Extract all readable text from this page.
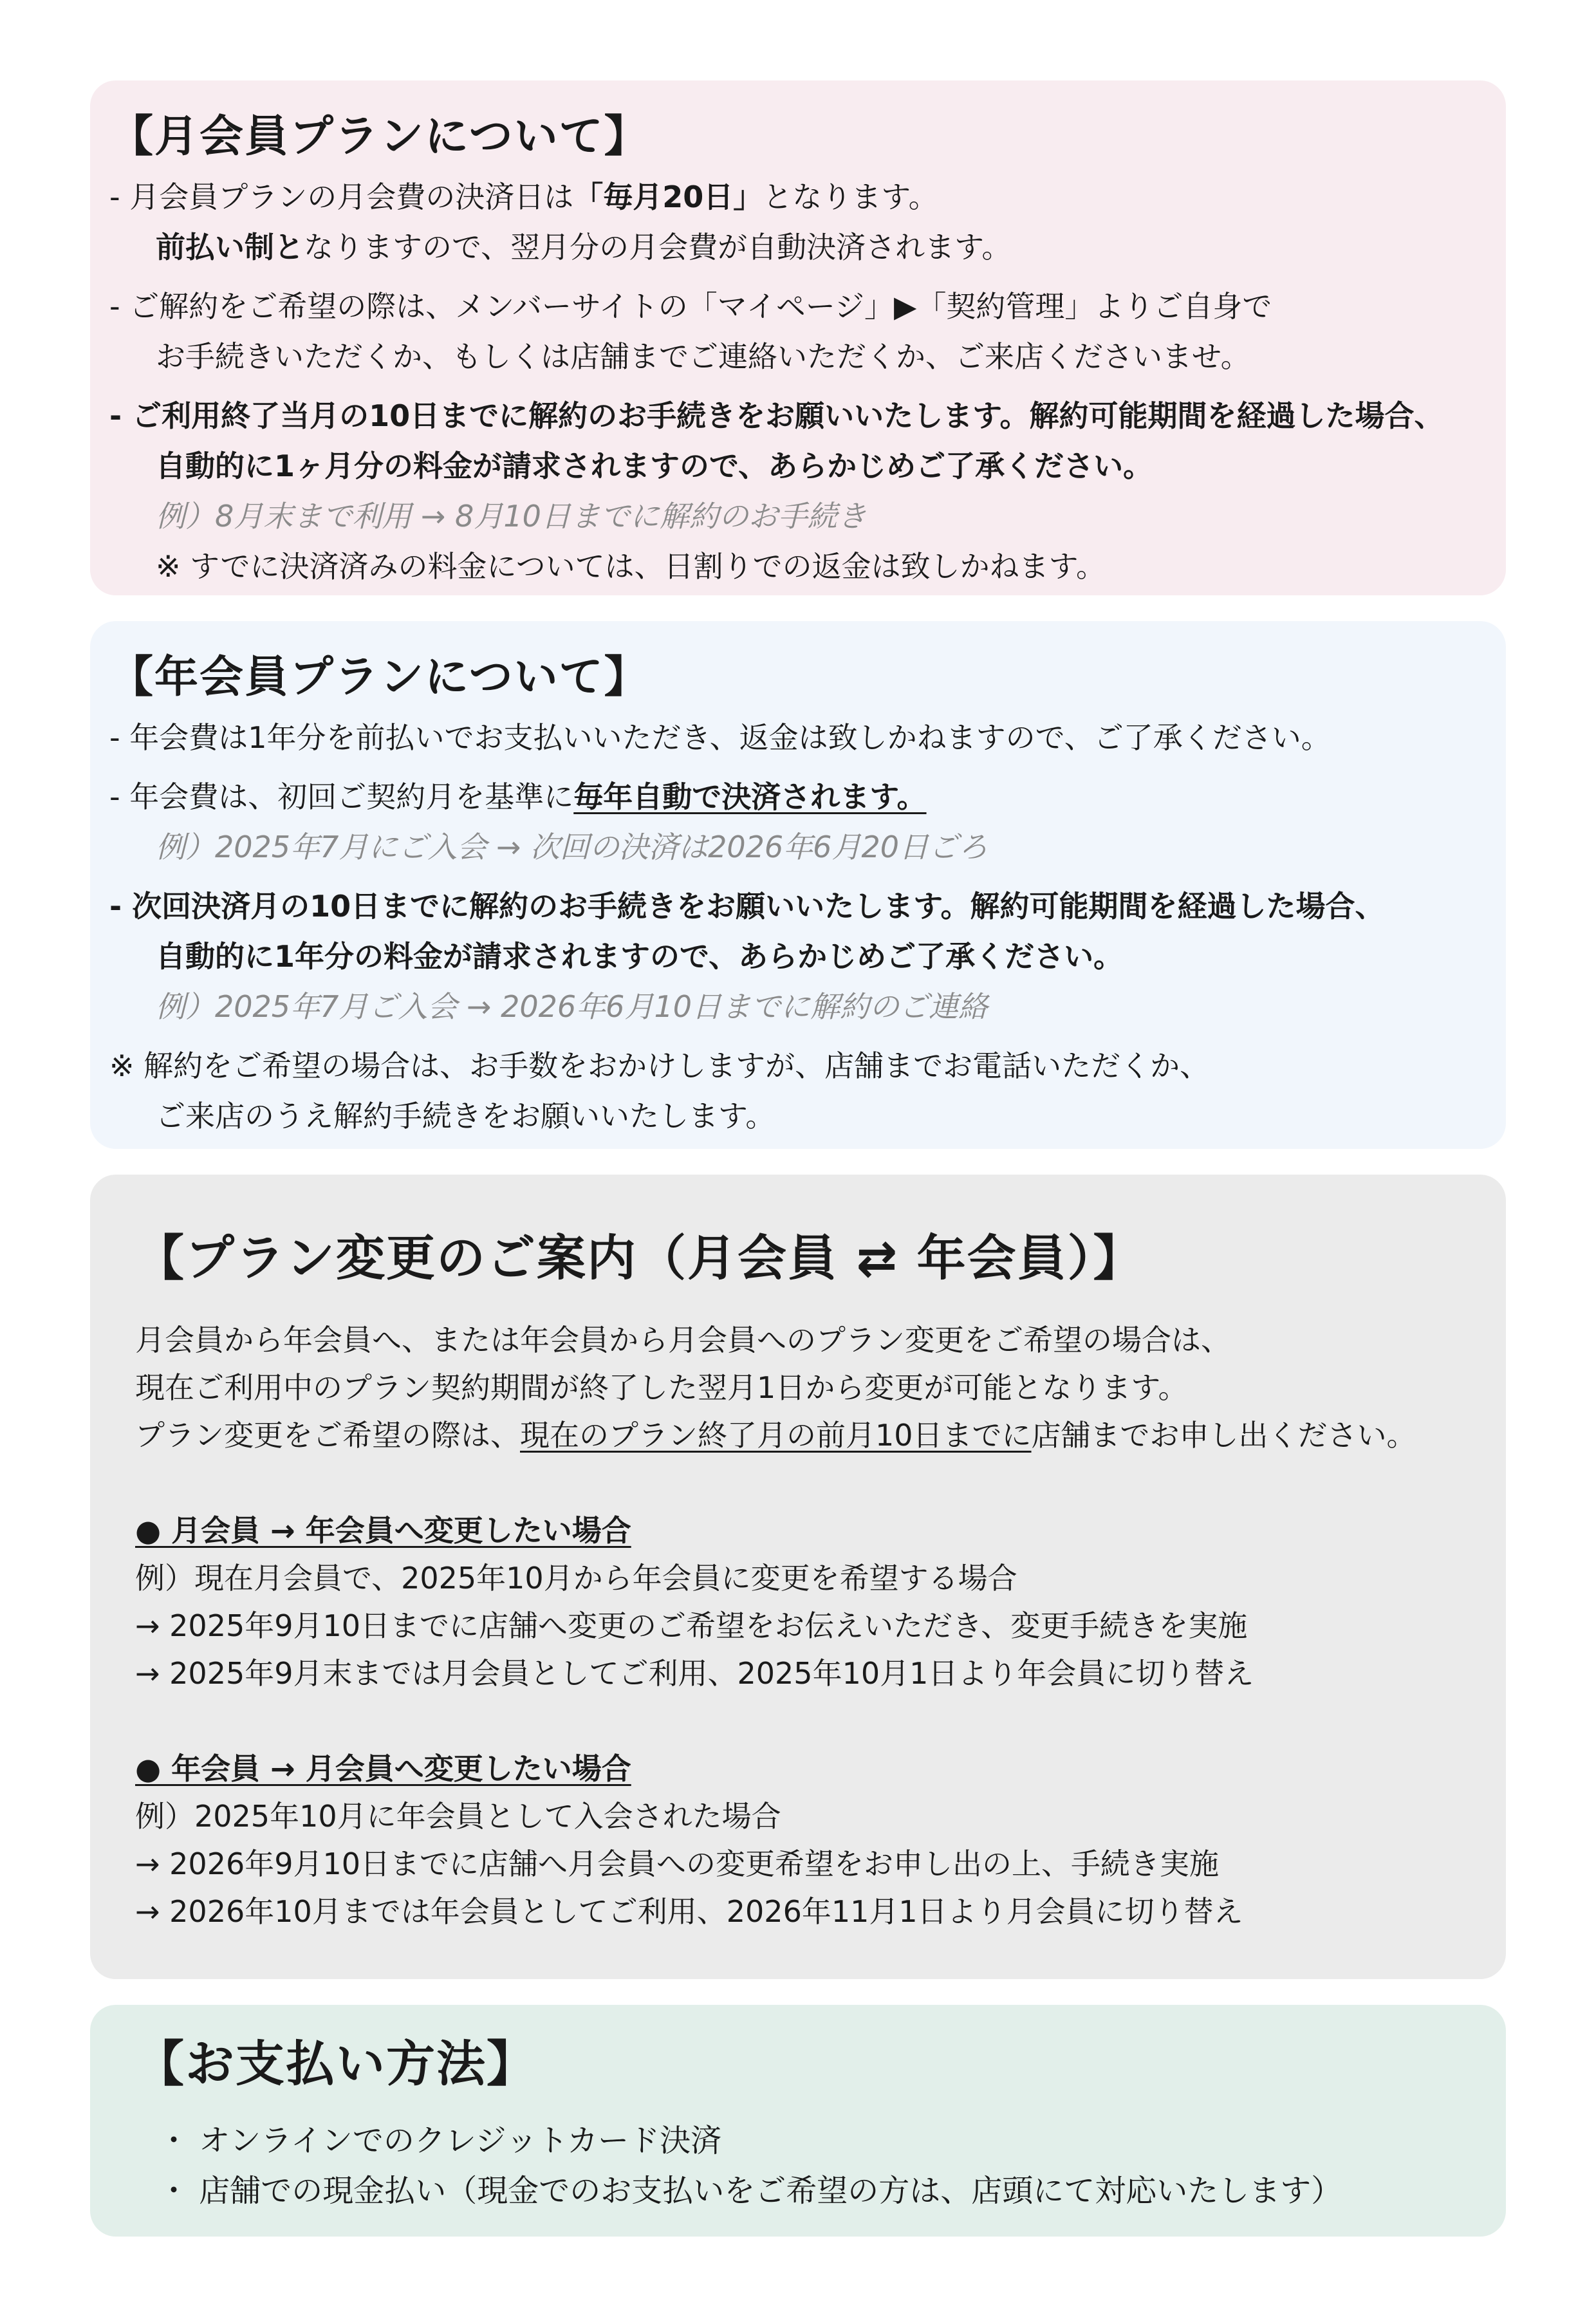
【月会員プランについて】
- 月会員プランの月会費の決済日は「毎月20日」となります。
前払い制となりますので、翌月分の月会費が自動決済されます。
- ご解約をご希望の際は、メンバーサイトの「マイページ」▶「契約管理」よりご自身で
お手続きいただくか、もしくは店舗までご連絡いただくか、ご来店くださいませ。
- ご利用終了当月の10日までに解約のお手続きをお願いいたします。解約可能期間を経過した場合、
自動的に1ヶ月分の料金が請求されますので、あらかじめご了承ください。
例）8月末まで利用 → 8月10日までに解約のお手続き
※ すでに決済済みの料金については、日割りでの返金は致しかねます。
【年会員プランについて】
- 年会費は1年分を前払いでお支払いいただき、返金は致しかねますので、ご了承ください。
- 年会費は、初回ご契約月を基準に毎年自動で決済されます。
例）2025年7月にご入会 → 次回の決済は2026年6月20日ごろ
- 次回決済月の10日までに解約のお手続きをお願いいたします。解約可能期間を経過した場合、
自動的に1年分の料金が請求されますので、あらかじめご了承ください。
例）2025年7月ご入会 → 2026年6月10日までに解約のご連絡
※ 解約をご希望の場合は、お手数をおかけしますが、店舗までお電話いただくか、
ご来店のうえ解約手続きをお願いいたします。
【プラン変更のご案内（月会員 ⇄ 年会員）】
月会員から年会員へ、または年会員から月会員へのプラン変更をご希望の場合は、
現在ご利用中のプラン契約期間が終了した翌月1日から変更が可能となります。
プラン変更をご希望の際は、現在のプラン終了月の前月10日までに店舗までお申し出ください。
● 月会員 → 年会員へ変更したい場合
例）現在月会員で、2025年10月から年会員に変更を希望する場合
→ 2025年9月10日までに店舗へ変更のご希望をお伝えいただき、変更手続きを実施
→ 2025年9月末までは月会員としてご利用、2025年10月1日より年会員に切り替え
● 年会員 → 月会員へ変更したい場合
例）2025年10月に年会員として入会された場合
→ 2026年9月10日までに店舗へ月会員への変更希望をお申し出の上、手続き実施
→ 2026年10月までは年会員としてご利用、2026年11月1日より月会員に切り替え
【お支払い方法】
・ オンラインでのクレジットカード決済
・ 店舗での現金払い（現金でのお支払いをご希望の方は、店頭にて対応いたします）
